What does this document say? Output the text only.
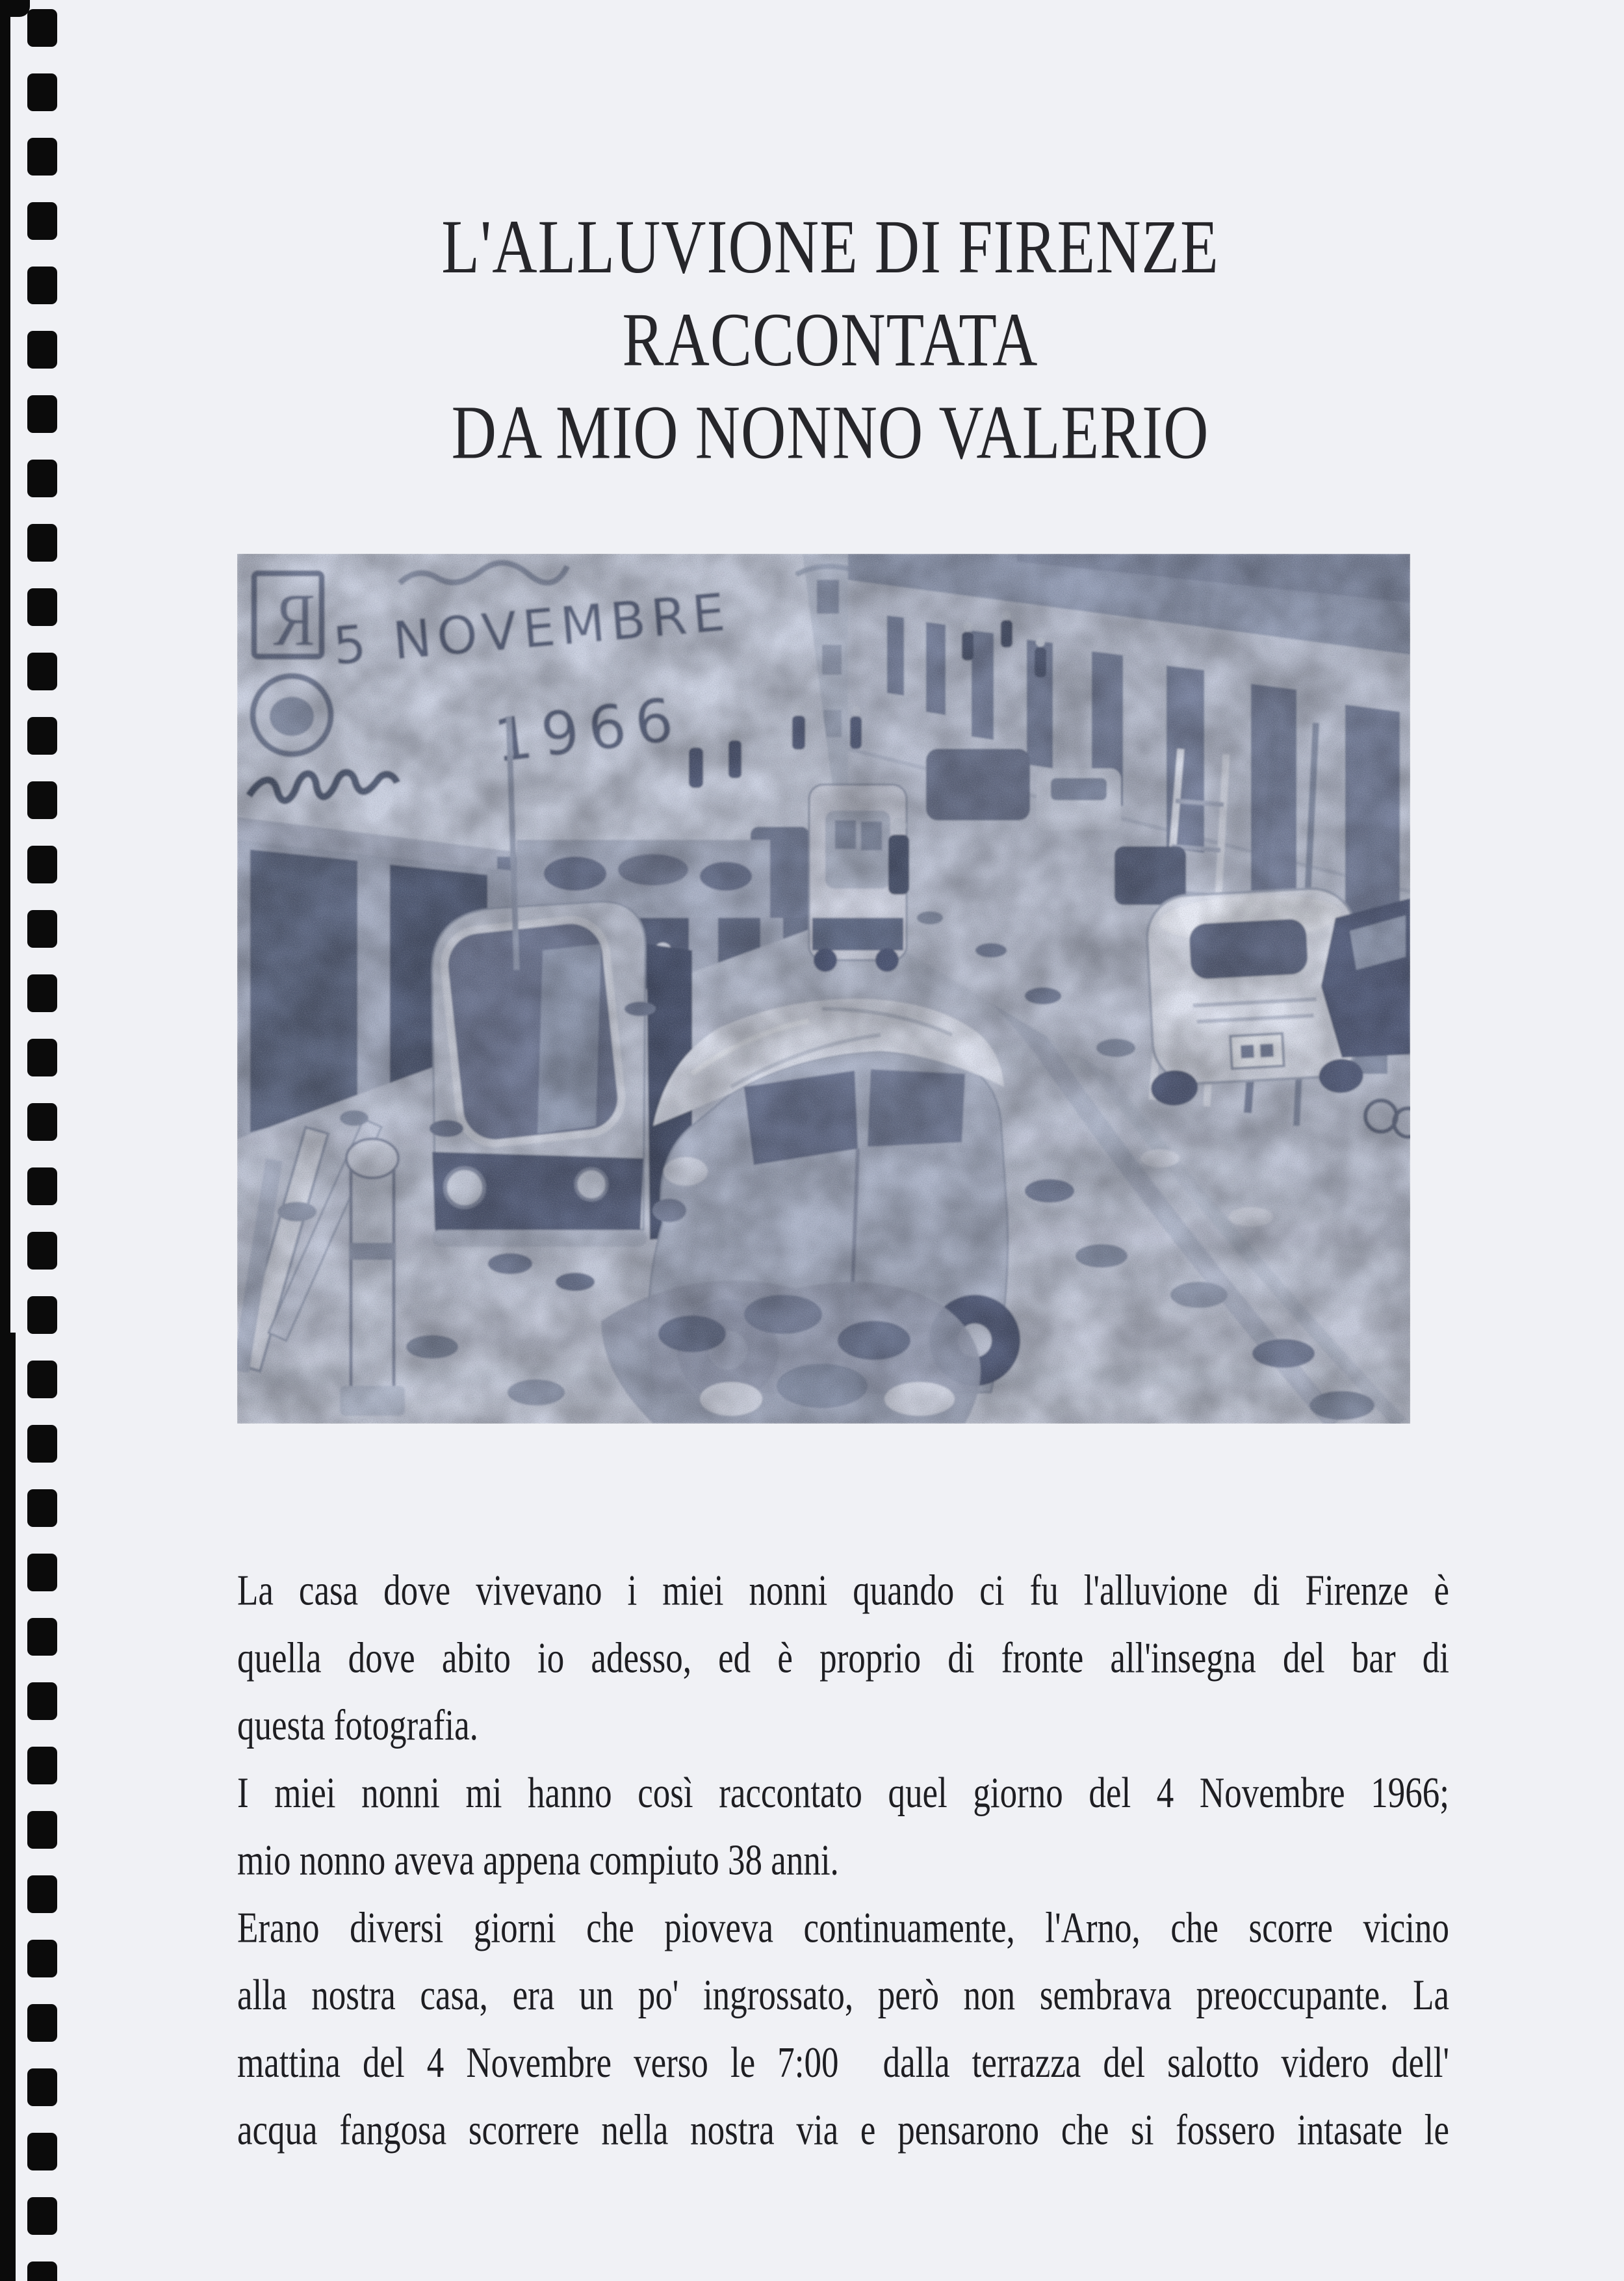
L'ALLUVIONE DI FIRENZE
RACCONTATA
DA MIO NONNO VALERIO
La casa dove vivevano i miei nonni quando ci fu l'alluvione di Firenze è
quella dove abito io adesso, ed è proprio di fronte all'insegna del bar di
questa fotografia.
I miei nonni mi hanno così raccontato quel giorno del 4 Novembre 1966;
mio nonno aveva appena compiuto 38 anni.
Erano diversi giorni che pioveva continuamente, l'Arno, che scorre vicino
alla nostra casa, era un po' ingrossato, però non sembrava preoccupante. La
mattina del 4 Novembre verso le 7:00  dalla terrazza del salotto videro dell'
acqua fangosa scorrere nella nostra via e pensarono che si fossero intasate le
